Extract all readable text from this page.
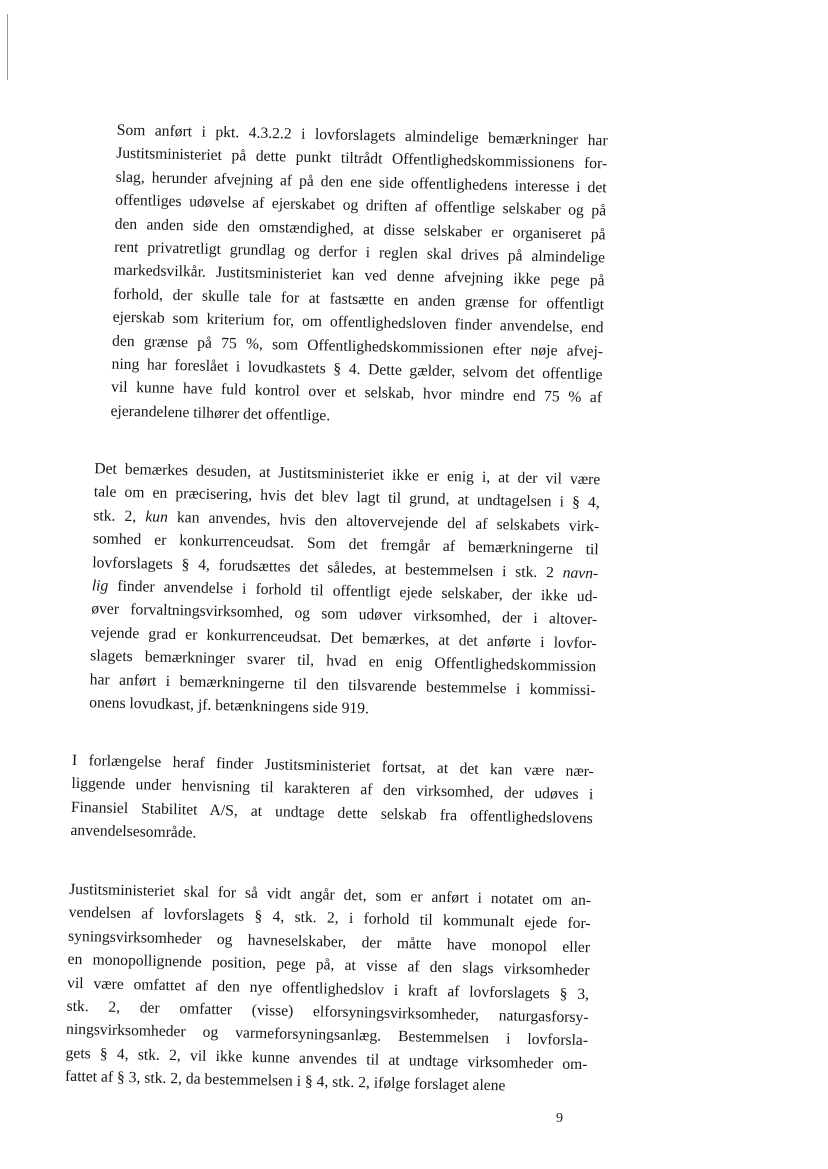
Som anført i pkt. 4.3.2.2 i lovforslagets almindelige bemærkninger har
Justitsministeriet på dette punkt tiltrådt Offentlighedskommissionens for-
slag, herunder afvejning af på den ene side offentlighedens interesse i det
offentliges udøvelse af ejerskabet og driften af offentlige selskaber og på
den anden side den omstændighed, at disse selskaber er organiseret på
rent privatretligt grundlag og derfor i reglen skal drives på almindelige
markedsvilkår. Justitsministeriet kan ved denne afvejning ikke pege på
forhold, der skulle tale for at fastsætte en anden grænse for offentligt
ejerskab som kriterium for, om offentlighedsloven finder anvendelse, end
den grænse på 75 %, som Offentlighedskommissionen efter nøje afvej-
ning har foreslået i lovudkastets § 4. Dette gælder, selvom det offentlige
vil kunne have fuld kontrol over et selskab, hvor mindre end 75 % af
ejerandelene tilhører det offentlige.
Det bemærkes desuden, at Justitsministeriet ikke er enig i, at der vil være
tale om en præcisering, hvis det blev lagt til grund, at undtagelsen i § 4,
stk. 2, kun kan anvendes, hvis den altovervejende del af selskabets virk-
somhed er konkurrenceudsat. Som det fremgår af bemærkningerne til
lovforslagets § 4, forudsættes det således, at bestemmelsen i stk. 2 navn-
lig finder anvendelse i forhold til offentligt ejede selskaber, der ikke ud-
øver forvaltningsvirksomhed, og som udøver virksomhed, der i altover-
vejende grad er konkurrenceudsat. Det bemærkes, at det anførte i lovfor-
slagets bemærkninger svarer til, hvad en enig Offentlighedskommission
har anført i bemærkningerne til den tilsvarende bestemmelse i kommissi-
onens lovudkast, jf. betænkningens side 919.
I forlængelse heraf finder Justitsministeriet fortsat, at det kan være nær-
liggende under henvisning til karakteren af den virksomhed, der udøves i
Finansiel Stabilitet A/S, at undtage dette selskab fra offentlighedslovens
anvendelsesområde.
Justitsministeriet skal for så vidt angår det, som er anført i notatet om an-
vendelsen af lovforslagets § 4, stk. 2, i forhold til kommunalt ejede for-
syningsvirksomheder og havneselskaber, der måtte have monopol eller
en monopollignende position, pege på, at visse af den slags virksomheder
vil være omfattet af den nye offentlighedslov i kraft af lovforslagets § 3,
stk. 2, der omfatter (visse) elforsyningsvirksomheder, naturgasforsy-
ningsvirksomheder og varmeforsyningsanlæg. Bestemmelsen i lovforsla-
gets § 4, stk. 2, vil ikke kunne anvendes til at undtage virksomheder om-
fattet af § 3, stk. 2, da bestemmelsen i § 4, stk. 2, ifølge forslaget alene
9
